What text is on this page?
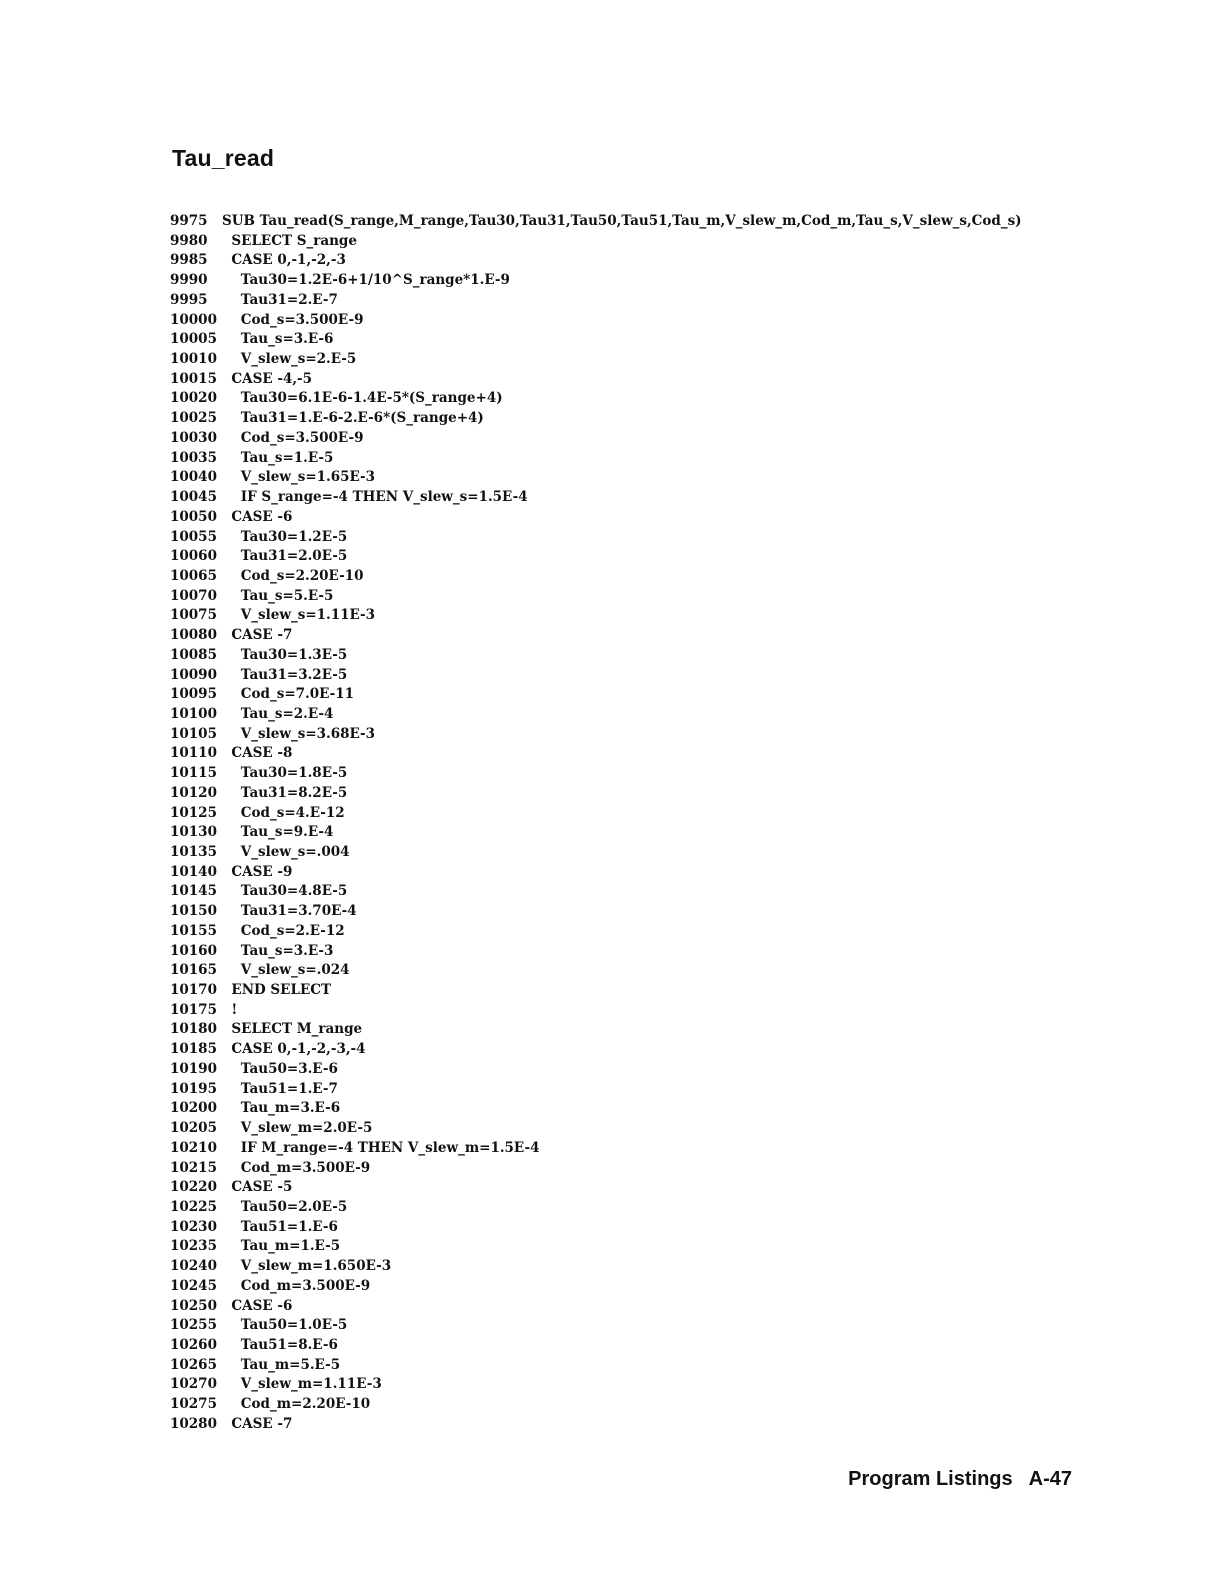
Tau_read
9975 SUB Tau_read(S_range,M_range,Tau30,Tau31,Tau50,Tau51,Tau_m,V_slew_m,Cod_m,Tau_s,V_slew_s,Cod_s)
9980  SELECT S_range
9985  CASE 0,-1,-2,-3
9990    Tau30=1.2E-6+1/10^S_range*1.E-9
9995    Tau31=2.E-7
10000    Cod_s=3.500E-9
10005    Tau_s=3.E-6
10010    V_slew_s=2.E-5
10015  CASE -4,-5
10020    Tau30=6.1E-6-1.4E-5*(S_range+4)
10025    Tau31=1.E-6-2.E-6*(S_range+4)
10030    Cod_s=3.500E-9
10035    Tau_s=1.E-5
10040    V_slew_s=1.65E-3
10045    IF S_range=-4 THEN V_slew_s=1.5E-4
10050  CASE -6
10055    Tau30=1.2E-5
10060    Tau31=2.0E-5
10065    Cod_s=2.20E-10
10070    Tau_s=5.E-5
10075    V_slew_s=1.11E-3
10080  CASE -7
10085    Tau30=1.3E-5
10090    Tau31=3.2E-5
10095    Cod_s=7.0E-11
10100    Tau_s=2.E-4
10105    V_slew_s=3.68E-3
10110  CASE -8
10115    Tau30=1.8E-5
10120    Tau31=8.2E-5
10125    Cod_s=4.E-12
10130    Tau_s=9.E-4
10135    V_slew_s=.004
10140  CASE -9
10145    Tau30=4.8E-5
10150    Tau31=3.70E-4
10155    Cod_s=2.E-12
10160    Tau_s=3.E-3
10165    V_slew_s=.024
10170  END SELECT
10175  !
10180  SELECT M_range
10185  CASE 0,-1,-2,-3,-4
10190    Tau50=3.E-6
10195    Tau51=1.E-7
10200    Tau_m=3.E-6
10205    V_slew_m=2.0E-5
10210    IF M_range=-4 THEN V_slew_m=1.5E-4
10215    Cod_m=3.500E-9
10220  CASE -5
10225    Tau50=2.0E-5
10230    Tau51=1.E-6
10235    Tau_m=1.E-5
10240    V_slew_m=1.650E-3
10245    Cod_m=3.500E-9
10250  CASE -6
10255    Tau50=1.0E-5
10260    Tau51=8.E-6
10265    Tau_m=5.E-5
10270    V_slew_m=1.11E-3
10275    Cod_m=2.20E-10
10280  CASE -7
Program Listings A-47
